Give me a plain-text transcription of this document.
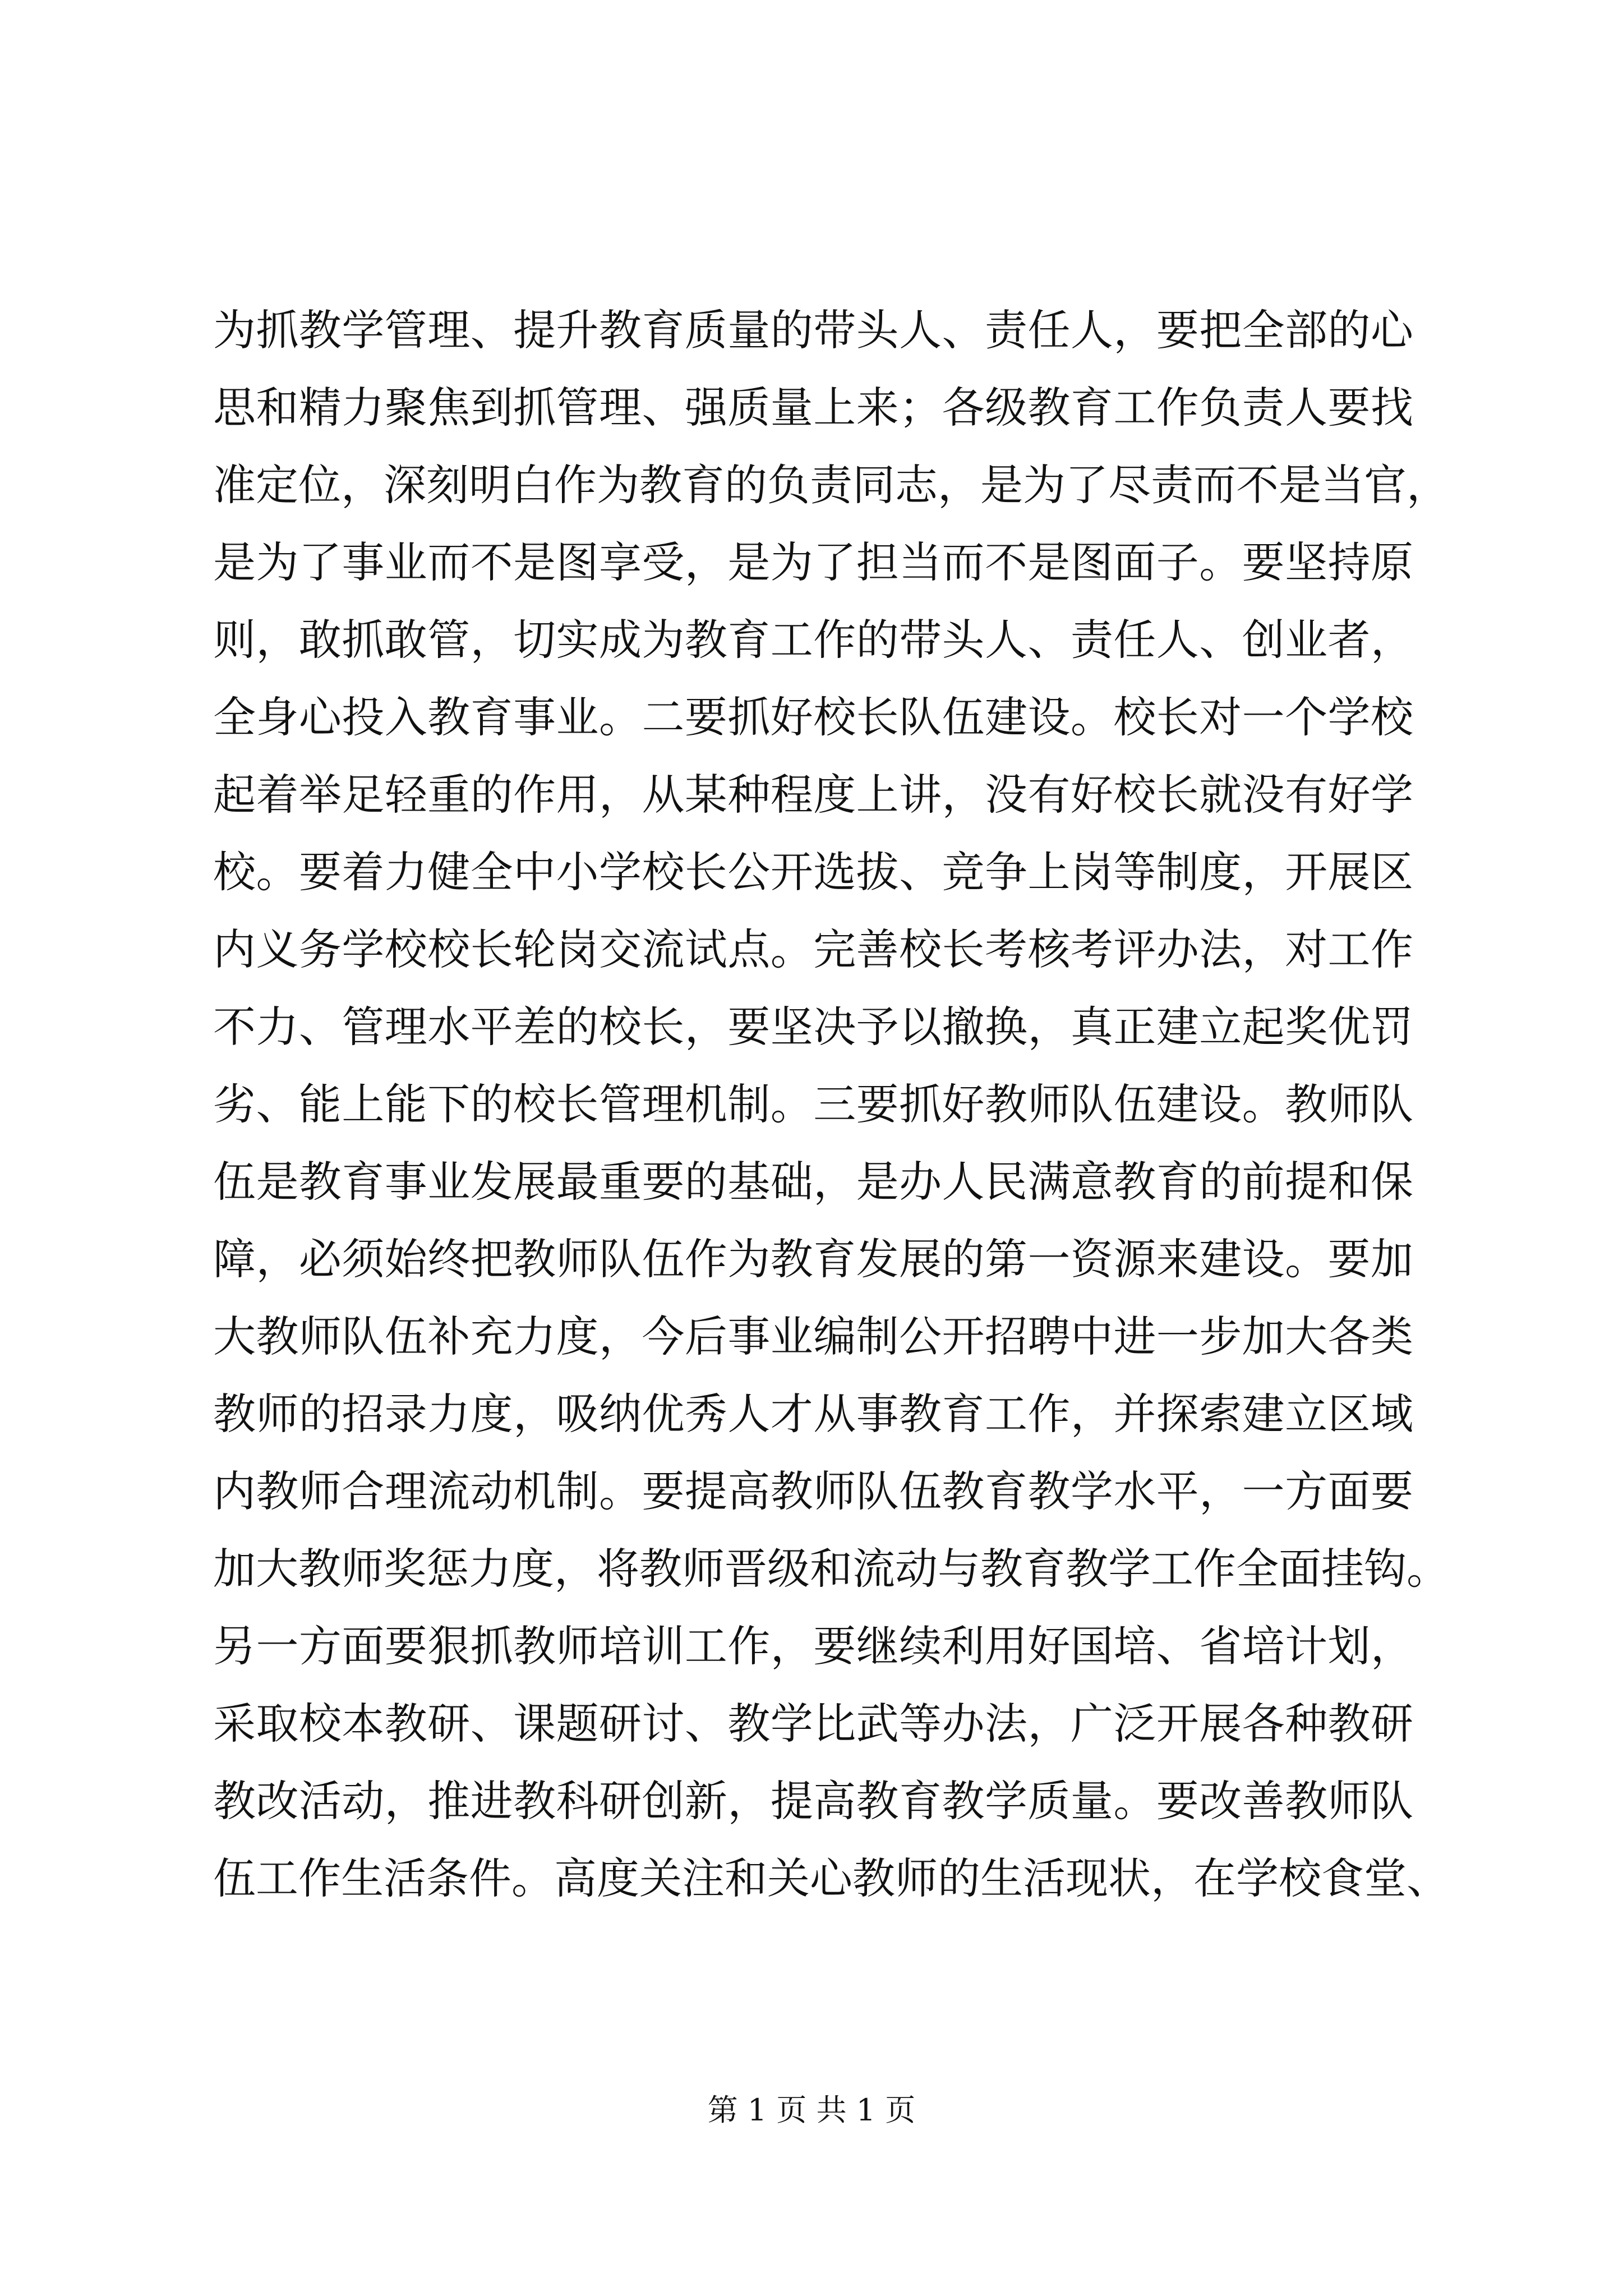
为抓教学管理、提升教育质量的带头人、责任人，要把全部的心
思和精力聚焦到抓管理、强质量上来；各级教育工作负责人要找
准定位，深刻明白作为教育的负责同志，是为了尽责而不是当官，
是为了事业而不是图享受，是为了担当而不是图面子。要坚持原
则，敢抓敢管，切实成为教育工作的带头人、责任人、创业者，
全身心投入教育事业。二要抓好校长队伍建设。校长对一个学校
起着举足轻重的作用，从某种程度上讲，没有好校长就没有好学
校。要着力健全中小学校长公开选拔、竞争上岗等制度，开展区
内义务学校校长轮岗交流试点。完善校长考核考评办法，对工作
不力、管理水平差的校长，要坚决予以撤换，真正建立起奖优罚
劣、能上能下的校长管理机制。三要抓好教师队伍建设。教师队
伍是教育事业发展最重要的基础，是办人民满意教育的前提和保
障，必须始终把教师队伍作为教育发展的第一资源来建设。要加
大教师队伍补充力度，今后事业编制公开招聘中进一步加大各类
教师的招录力度，吸纳优秀人才从事教育工作，并探索建立区域
内教师合理流动机制。要提高教师队伍教育教学水平，一方面要
加大教师奖惩力度，将教师晋级和流动与教育教学工作全面挂钩。
另一方面要狠抓教师培训工作，要继续利用好国培、省培计划，
采取校本教研、课题研讨、教学比武等办法，广泛开展各种教研
教改活动，推进教科研创新，提高教育教学质量。要改善教师队
伍工作生活条件。高度关注和关心教师的生活现状，在学校食堂、
第 1 页 共 1 页
